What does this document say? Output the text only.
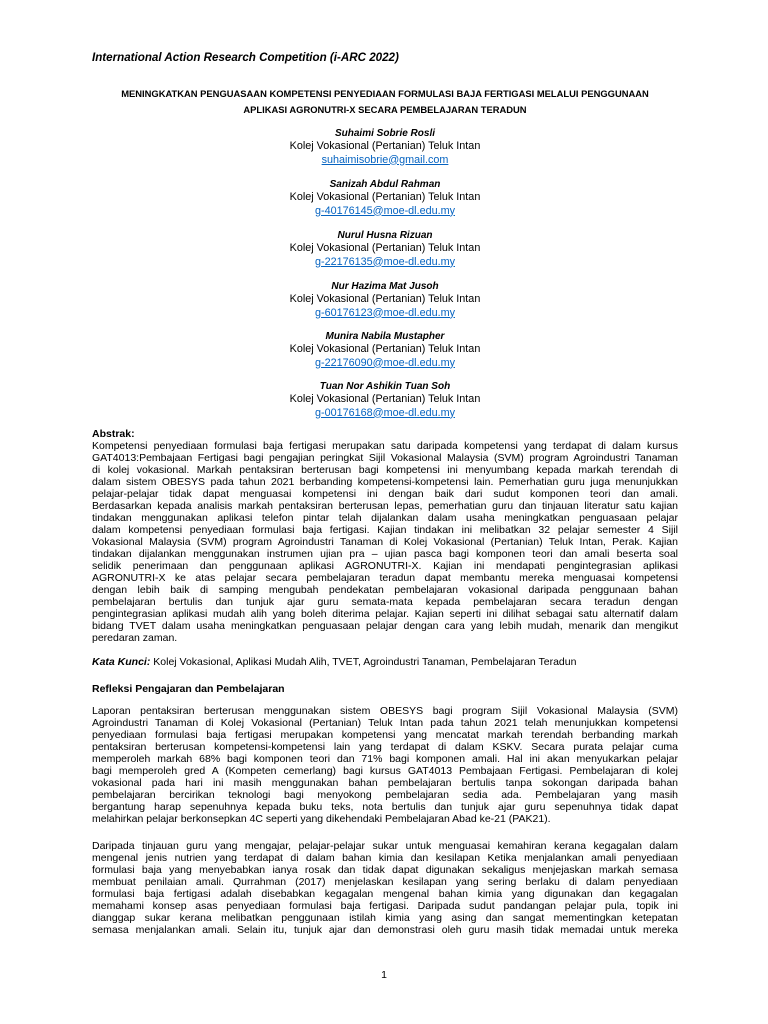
International Action Research Competition (i-ARC 2022)
MENINGKATKAN PENGUASAAN KOMPETENSI PENYEDIAAN FORMULASI BAJA FERTIGASI MELALUI PENGGUNAAN
APLIKASI AGRONUTRI-X SECARA PEMBELAJARAN TERADUN
Suhaimi Sobrie Rosli
Kolej Vokasional (Pertanian) Teluk Intan
suhaimisobrie@gmail.com
Sanizah Abdul Rahman
Kolej Vokasional (Pertanian) Teluk Intan
g-40176145@moe-dl.edu.my
Nurul Husna Rizuan
Kolej Vokasional (Pertanian) Teluk Intan
g-22176135@moe-dl.edu.my
Nur Hazima Mat Jusoh
Kolej Vokasional (Pertanian) Teluk Intan
g-60176123@moe-dl.edu.my
Munira Nabila Mustapher
Kolej Vokasional (Pertanian) Teluk Intan
g-22176090@moe-dl.edu.my
Tuan Nor Ashikin Tuan Soh
Kolej Vokasional (Pertanian) Teluk Intan
g-00176168@moe-dl.edu.my
Abstrak:
Kompetensi penyediaan formulasi baja fertigasi merupakan satu daripada kompetensi yang terdapat di dalam kursus
GAT4013:Pembajaan Fertigasi bagi pengajian peringkat Sijil Vokasional Malaysia (SVM) program Agroindustri Tanaman
di kolej vokasional. Markah pentaksiran berterusan bagi kompetensi ini menyumbang kepada markah terendah di
dalam sistem OBESYS pada tahun 2021 berbanding kompetensi-kompetensi lain. Pemerhatian guru juga menunjukkan
pelajar-pelajar tidak dapat menguasai kompetensi ini dengan baik dari sudut komponen teori dan amali.
Berdasarkan kepada analisis markah pentaksiran berterusan lepas, pemerhatian guru dan tinjauan literatur satu kajian
tindakan menggunakan aplikasi telefon pintar telah dijalankan dalam usaha meningkatkan penguasaan pelajar
dalam kompetensi penyediaan formulasi baja fertigasi. Kajian tindakan ini melibatkan 32 pelajar semester 4 Sijil
Vokasional Malaysia (SVM) program Agroindustri Tanaman di Kolej Vokasional (Pertanian) Teluk Intan, Perak. Kajian
tindakan dijalankan menggunakan instrumen ujian pra – ujian pasca bagi komponen teori dan amali beserta soal
selidik penerimaan dan penggunaan aplikasi AGRONUTRI-X. Kajian ini mendapati pengintegrasian aplikasi
AGRONUTRI-X ke atas pelajar secara pembelajaran teradun dapat membantu mereka menguasai kompetensi
dengan lebih baik di samping mengubah pendekatan pembelajaran vokasional daripada penggunaan bahan
pembelajaran bertulis dan tunjuk ajar guru semata-mata kepada pembelajaran secara teradun dengan
pengintegrasian aplikasi mudah alih yang boleh diterima pelajar. Kajian seperti ini dilihat sebagai satu alternatif dalam
bidang TVET dalam usaha meningkatkan penguasaan pelajar dengan cara yang lebih mudah, menarik dan mengikut
peredaran zaman.
Kata Kunci: Kolej Vokasional, Aplikasi Mudah Alih, TVET, Agroindustri Tanaman, Pembelajaran Teradun
Refleksi Pengajaran dan Pembelajaran
Laporan pentaksiran berterusan menggunakan sistem OBESYS bagi program Sijil Vokasional Malaysia (SVM)
Agroindustri Tanaman di Kolej Vokasional (Pertanian) Teluk Intan pada tahun 2021 telah menunjukkan kompetensi
penyediaan formulasi baja fertigasi merupakan kompetensi yang mencatat markah terendah berbanding markah
pentaksiran berterusan kompetensi-kompetensi lain yang terdapat di dalam KSKV. Secara purata pelajar cuma
memperoleh markah 68% bagi komponen teori dan 71% bagi komponen amali. Hal ini akan menyukarkan pelajar
bagi memperoleh gred A (Kompeten cemerlang) bagi kursus GAT4013 Pembajaan Fertigasi. Pembelajaran di kolej
vokasional pada hari ini masih menggunakan bahan pembelajaran bertulis tanpa sokongan daripada bahan
pembelajaran bercirikan teknologi bagi menyokong pembelajaran sedia ada. Pembelajaran yang masih
bergantung harap sepenuhnya kepada buku teks, nota bertulis dan tunjuk ajar guru sepenuhnya tidak dapat
melahirkan pelajar berkonsepkan 4C seperti yang dikehendaki Pembelajaran Abad ke-21 (PAK21).
Daripada tinjauan guru yang mengajar, pelajar-pelajar sukar untuk menguasai kemahiran kerana kegagalan dalam
mengenal jenis nutrien yang terdapat di dalam bahan kimia dan kesilapan Ketika menjalankan amali penyediaan
formulasi baja yang menyebabkan ianya rosak dan tidak dapat digunakan sekaligus menjejaskan markah semasa
membuat penilaian amali. Qurrahman (2017) menjelaskan kesilapan yang sering berlaku di dalam penyediaan
formulasi baja fertigasi adalah disebabkan kegagalan mengenal bahan kimia yang digunakan dan kegagalan
memahami konsep asas penyediaan formulasi baja fertigasi. Daripada sudut pandangan pelajar pula, topik ini
dianggap sukar kerana melibatkan penggunaan istilah kimia yang asing dan sangat mementingkan ketepatan
semasa menjalankan amali. Selain itu, tunjuk ajar dan demonstrasi oleh guru masih tidak memadai untuk mereka
1
